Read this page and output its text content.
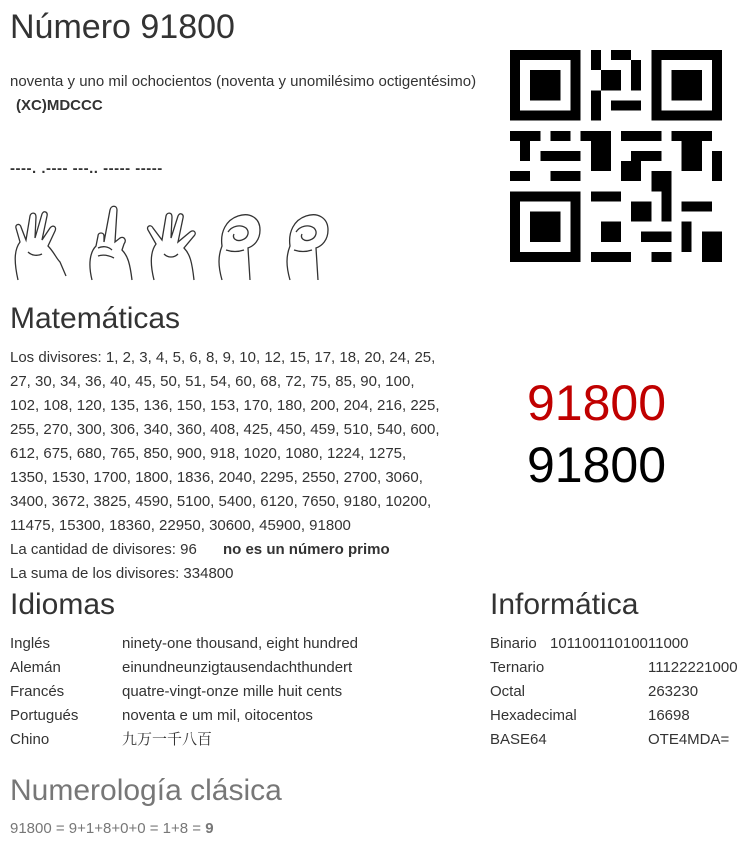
Número 91800
noventa y uno mil ochocientos (noventa y unomilésimo octigentésimo) (XC)MDCCC
----. .---- ---.. ----- -----
Matemáticas
Los divisores: 1, 2, 3, 4, 5, 6, 8, 9, 10, 12, 15, 17, 18, 20, 24, 25,
27, 30, 34, 36, 40, 45, 50, 51, 54, 60, 68, 72, 75, 85, 90, 100,
102, 108, 120, 135, 136, 150, 153, 170, 180, 200, 204, 216, 225,
255, 270, 300, 306, 340, 360, 408, 425, 450, 459, 510, 540, 600,
612, 675, 680, 765, 850, 900, 918, 1020, 1080, 1224, 1275,
1350, 1530, 1700, 1800, 1836, 2040, 2295, 2550, 2700, 3060,
3400, 3672, 3825, 4590, 5100, 5400, 6120, 7650, 9180, 10200,
11475, 15300, 18360, 22950, 30600, 45900, 91800
La cantidad de divisores: 96 no es un número primo
La suma de los divisores: 334800
91800
91800
Idiomas
Inglés	ninety-one thousand, eight hundred
Alemán	einundneunzigtausendachthundert
Francés	quatre-vingt-onze mille huit cents
Portugués	noventa e um mil, oitocentos
Chino	九万一千八百
Informática
Binario 10110011010011000
Ternario	11122221000
Octal	263230
Hexadecimal	16698
BASE64	OTE4MDA=
Numerología clásica
91800 = 9+1+8+0+0 = 1+8 = 9
